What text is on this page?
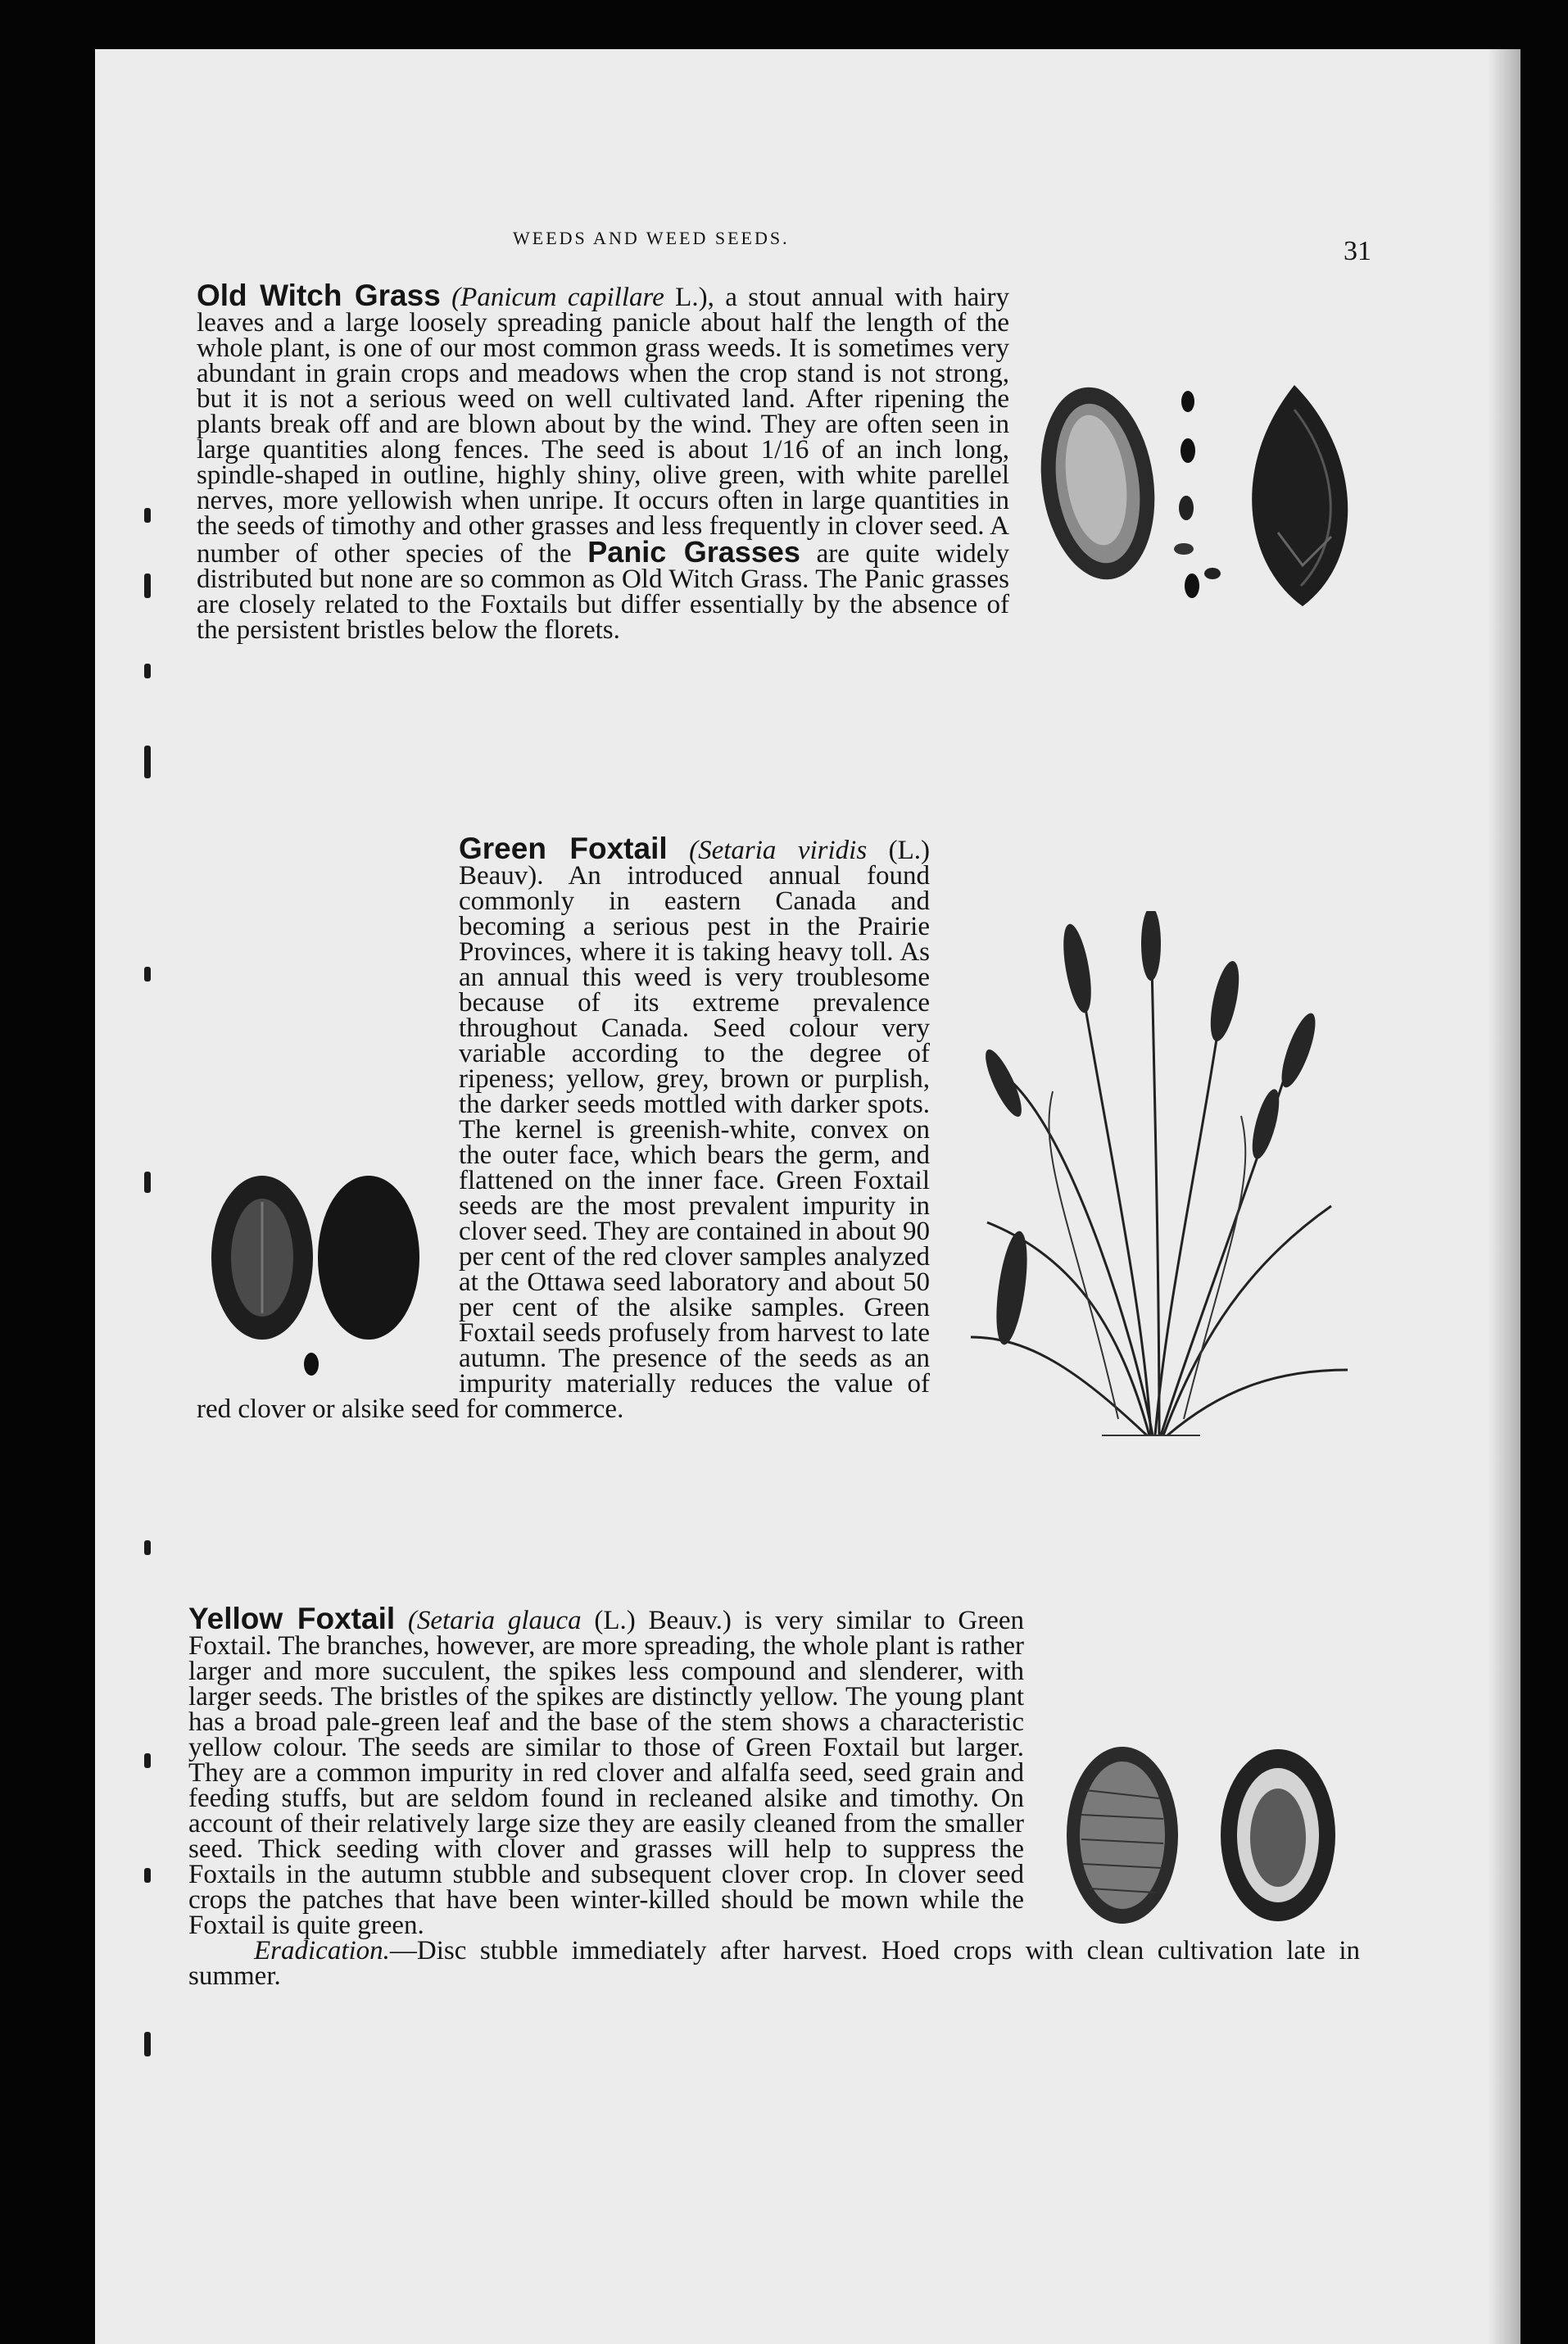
WEEDS AND WEED SEEDS.	31

Old Witch Grass (Panicum capillare L.), a stout annual with hairy leaves and a large loosely spreading panicle about half the length of the whole plant, is one of our most common grass weeds. It is sometimes very abundant in grain crops and meadows when the crop stand is not strong, but it is not a serious weed on well cultivated land. After ripening the plants break off and are blown about by the wind. They are often seen in large quantities along fences. The seed is about 1/16 of an inch long, spindle-shaped in outline, highly shiny, olive green, with white parellel nerves, more yellowish when unripe. It occurs often in large quantities in the seeds of timothy and other grasses and less frequently in clover seed. A number of other species of the Panic Grasses are quite widely distributed but none are so common as Old Witch Grass. The Panic grasses are closely related to the Foxtails but differ essentially by the absence of the persistent bristles below the florets.

Green Foxtail (Setaria viridis (L.) Beauv). An introduced annual found commonly in eastern Canada and becoming a serious pest in the Prairie Provinces, where it is taking heavy toll. As an annual this weed is very troublesome because of its extreme prevalence throughout Canada. Seed colour very variable according to the degree of ripeness; yellow, grey, brown or purplish, the darker seeds mottled with darker spots. The kernel is greenish-white, convex on the outer face, which bears the germ, and flattened on the inner face. Green Foxtail seeds are the most prevalent impurity in clover seed. They are contained in about 90 per cent of the red clover samples analyzed at the Ottawa seed laboratory and about 50 per cent of the alsike samples. Green Foxtail seeds profusely from harvest to late autumn. The presence of the seeds as an impurity materially reduces the value of red clover or alsike seed for commerce.

Yellow Foxtail (Setaria glauca (L.) Beauv.) is very similar to Green Foxtail. The branches, however, are more spreading, the whole plant is rather larger and more succulent, the spikes less compound and slenderer, with larger seeds. The bristles of the spikes are distinctly yellow. The young plant has a broad pale-green leaf and the base of the stem shows a characteristic yellow colour. The seeds are similar to those of Green Foxtail but larger. They are a common impurity in red clover and alfalfa seed, seed grain and feeding stuffs, but are seldom found in recleaned alsike and timothy. On account of their relatively large size they are easily cleaned from the smaller seed. Thick seeding with clover and grasses will help to suppress the Foxtails in the autumn stubble and subsequent clover crop. In clover seed crops the patches that have been winter-killed should be mown while the Foxtail is quite green.

Eradication.—Disc stubble immediately after harvest. Hoed crops with clean cultivation late in summer.
